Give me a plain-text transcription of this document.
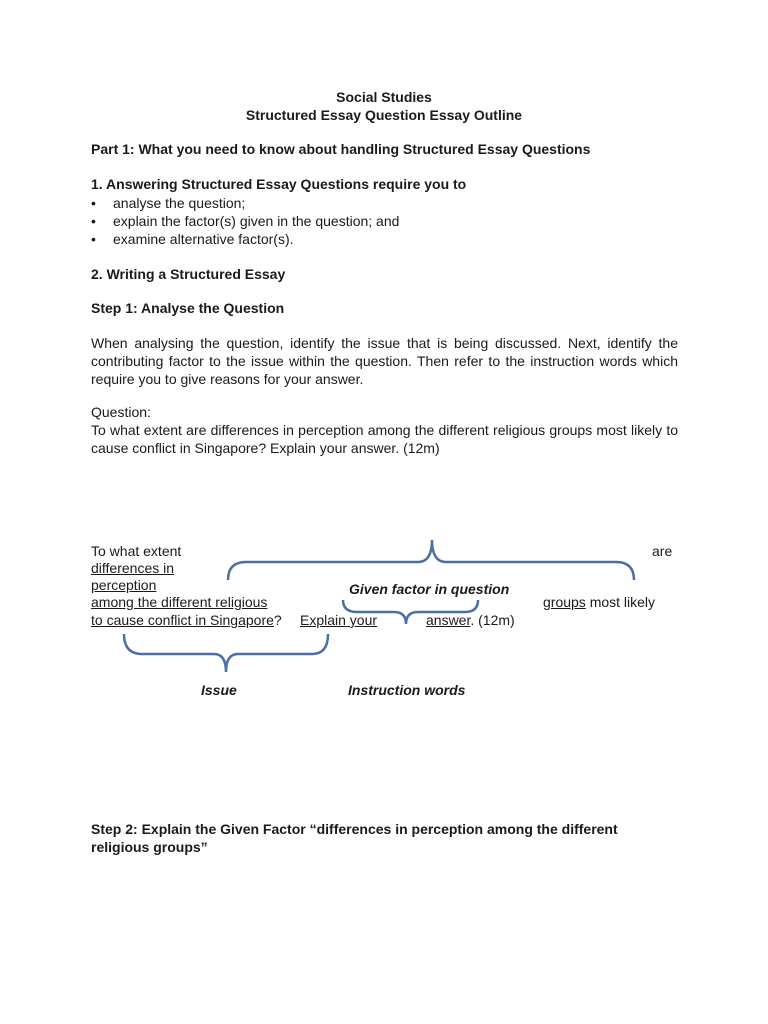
Social Studies
Structured Essay Question Essay Outline
Part 1: What you need to know about handling Structured Essay Questions
1. Answering Structured Essay Questions require you to
• analyse the question;
• explain the factor(s) given in the question; and
• examine alternative factor(s).
2. Writing a Structured Essay
Step 1: Analyse the Question
When analysing the question, identify the issue that is being discussed. Next, identify the contributing factor to the issue within the question. Then refer to the instruction words which require you to give reasons for your answer.
Question:
To what extent are differences in perception among the different religious groups most likely to cause conflict in Singapore? Explain your answer. (12m)
To what extent	are
differences in
perception	Given factor in question
among the different religious	groups most likely
to cause conflict in Singapore? Explain your	answer. (12m)
Issue	Instruction words
Step 2: Explain the Given Factor “differences in perception among the different religious groups”
